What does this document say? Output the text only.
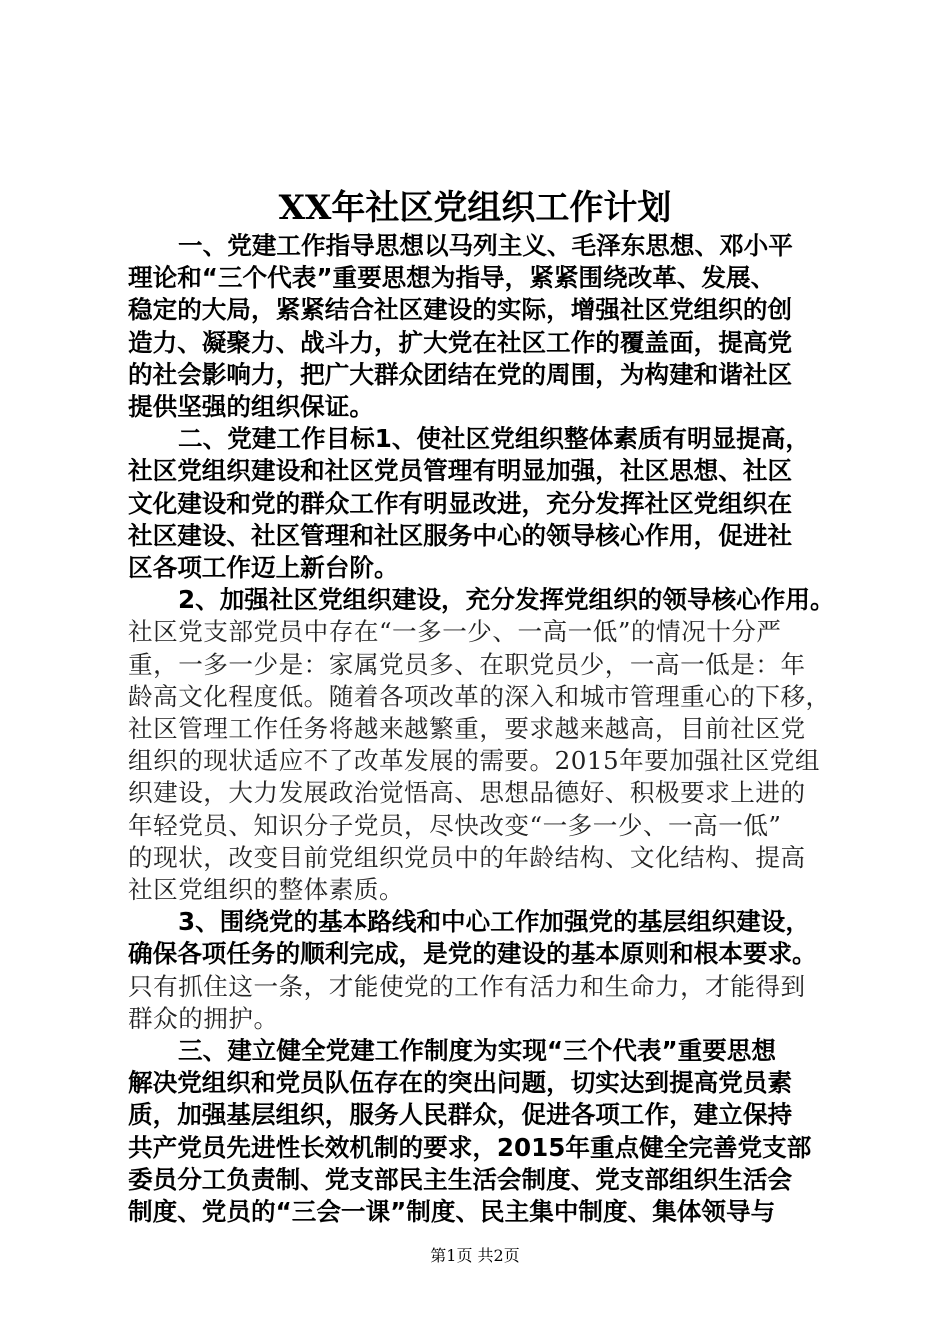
XX年社区党组织工作计划
一、党建工作指导思想以马列主义、毛泽东思想、邓小平
理论和“三个代表”重要思想为指导，紧紧围绕改革、发展、
稳定的大局，紧紧结合社区建设的实际，增强社区党组织的创
造力、凝聚力、战斗力，扩大党在社区工作的覆盖面，提高党
的社会影响力，把广大群众团结在党的周围，为构建和谐社区
提供坚强的组织保证。
二、党建工作目标1、使社区党组织整体素质有明显提高，
社区党组织建设和社区党员管理有明显加强，社区思想、社区
文化建设和党的群众工作有明显改进，充分发挥社区党组织在
社区建设、社区管理和社区服务中心的领导核心作用，促进社
区各项工作迈上新台阶。
2、加强社区党组织建设，充分发挥党组织的领导核心作用。
社区党支部党员中存在“一多一少、一高一低”的情况十分严
重，一多一少是：家属党员多、在职党员少，一高一低是：年
龄高文化程度低。随着各项改革的深入和城市管理重心的下移，
社区管理工作任务将越来越繁重，要求越来越高，目前社区党
组织的现状适应不了改革发展的需要。2015年要加强社区党组
织建设，大力发展政治觉悟高、思想品德好、积极要求上进的
年轻党员、知识分子党员，尽快改变“一多一少、一高一低”
的现状，改变目前党组织党员中的年龄结构、文化结构、提高
社区党组织的整体素质。
3、围绕党的基本路线和中心工作加强党的基层组织建设，
确保各项任务的顺利完成，是党的建设的基本原则和根本要求。
只有抓住这一条，才能使党的工作有活力和生命力，才能得到
群众的拥护。
三、建立健全党建工作制度为实现“三个代表”重要思想
解决党组织和党员队伍存在的突出问题，切实达到提高党员素
质，加强基层组织，服务人民群众，促进各项工作，建立保持
共产党员先进性长效机制的要求，2015年重点健全完善党支部
第1页 共2页
委员分工负责制、党支部民主生活会制度、党支部组织生活会
制度、党员的“三会一课”制度、民主集中制度、集体领导与
